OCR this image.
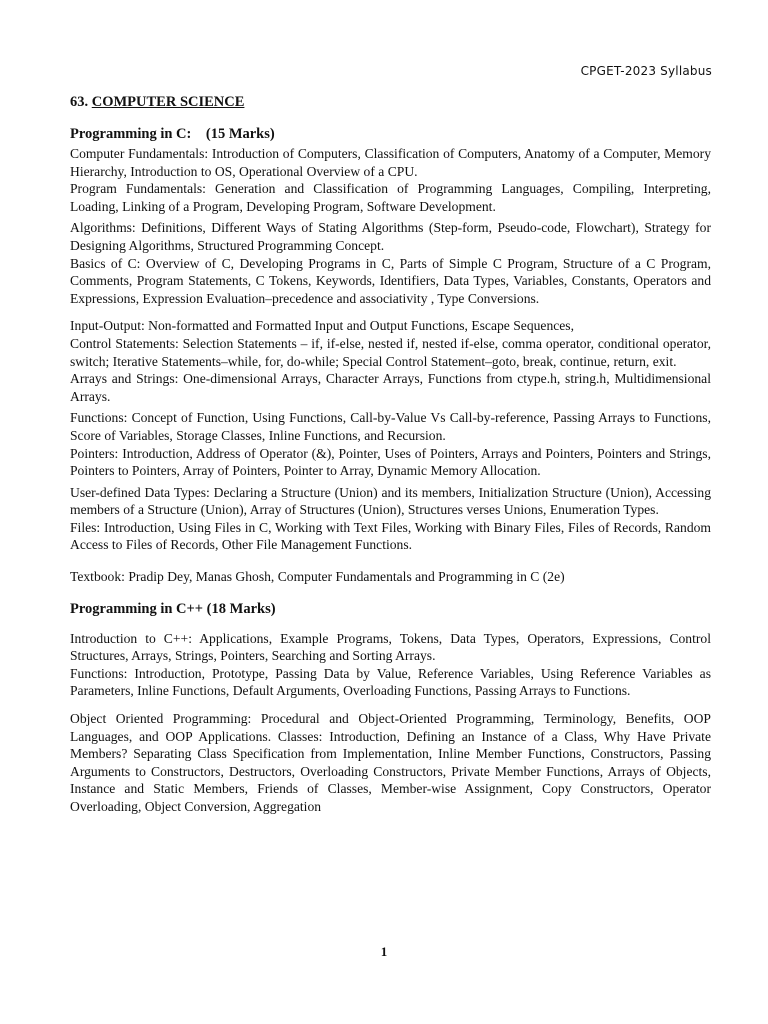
CPGET-2023 Syllabus
63. COMPUTER SCIENCE
Programming in C:    (15 Marks)

Computer Fundamentals: Introduction of Computers, Classification of Computers, Anatomy of a Computer, Memory Hierarchy, Introduction to OS, Operational Overview of a CPU.

Program Fundamentals: Generation and Classification of Programming Languages, Compiling, Interpreting, Loading, Linking of a Program, Developing Program, Software Development.

Algorithms: Definitions, Different Ways of Stating Algorithms (Step-form, Pseudo-code, Flowchart), Strategy for Designing Algorithms, Structured Programming Concept.

Basics of C: Overview of C, Developing Programs in C, Parts of Simple C Program, Structure of a C Program, Comments, Program Statements, C Tokens, Keywords, Identifiers, Data Types, Variables, Constants, Operators and Expressions, Expression Evaluation–precedence and associativity , Type Conversions.

Input-Output: Non-formatted and Formatted Input and Output Functions, Escape Sequences,

Control Statements: Selection Statements – if, if-else, nested if, nested if-else, comma operator, conditional operator, switch; Iterative Statements–while, for, do-while; Special Control Statement–goto, break, continue, return, exit.

Arrays and Strings: One-dimensional Arrays, Character Arrays, Functions from ctype.h, string.h, Multidimensional Arrays.

Functions: Concept of Function, Using Functions, Call-by-Value Vs Call-by-reference, Passing Arrays to Functions, Score of Variables, Storage Classes, Inline Functions, and Recursion.

Pointers: Introduction, Address of Operator (&), Pointer, Uses of Pointers, Arrays and Pointers, Pointers and Strings, Pointers to Pointers, Array of Pointers, Pointer to Array, Dynamic Memory Allocation.

User-defined Data Types: Declaring a Structure (Union) and its members, Initialization Structure (Union), Accessing members of a Structure (Union), Array of Structures (Union), Structures verses Unions, Enumeration Types.

Files: Introduction, Using Files in C, Working with Text Files, Working with Binary Files, Files of Records, Random Access to Files of Records, Other File Management Functions.

Textbook: Pradip Dey, Manas Ghosh, Computer Fundamentals and Programming in C (2e)

Programming in C++ (18 Marks)

Introduction to C++: Applications, Example Programs, Tokens, Data Types, Operators, Expressions, Control Structures, Arrays, Strings, Pointers, Searching and Sorting Arrays.

Functions: Introduction, Prototype, Passing Data by Value, Reference Variables, Using Reference Variables as Parameters, Inline Functions, Default Arguments, Overloading Functions, Passing Arrays to Functions.

Object Oriented Programming: Procedural and Object-Oriented Programming, Terminology, Benefits, OOP Languages, and OOP Applications. Classes: Introduction, Defining an Instance of a Class, Why Have Private Members? Separating Class Specification from Implementation, Inline Member Functions, Constructors, Passing Arguments to Constructors, Destructors, Overloading Constructors, Private Member Functions, Arrays of Objects, Instance and Static Members, Friends of Classes, Member-wise Assignment, Copy Constructors, Operator Overloading, Object Conversion, Aggregation

1
